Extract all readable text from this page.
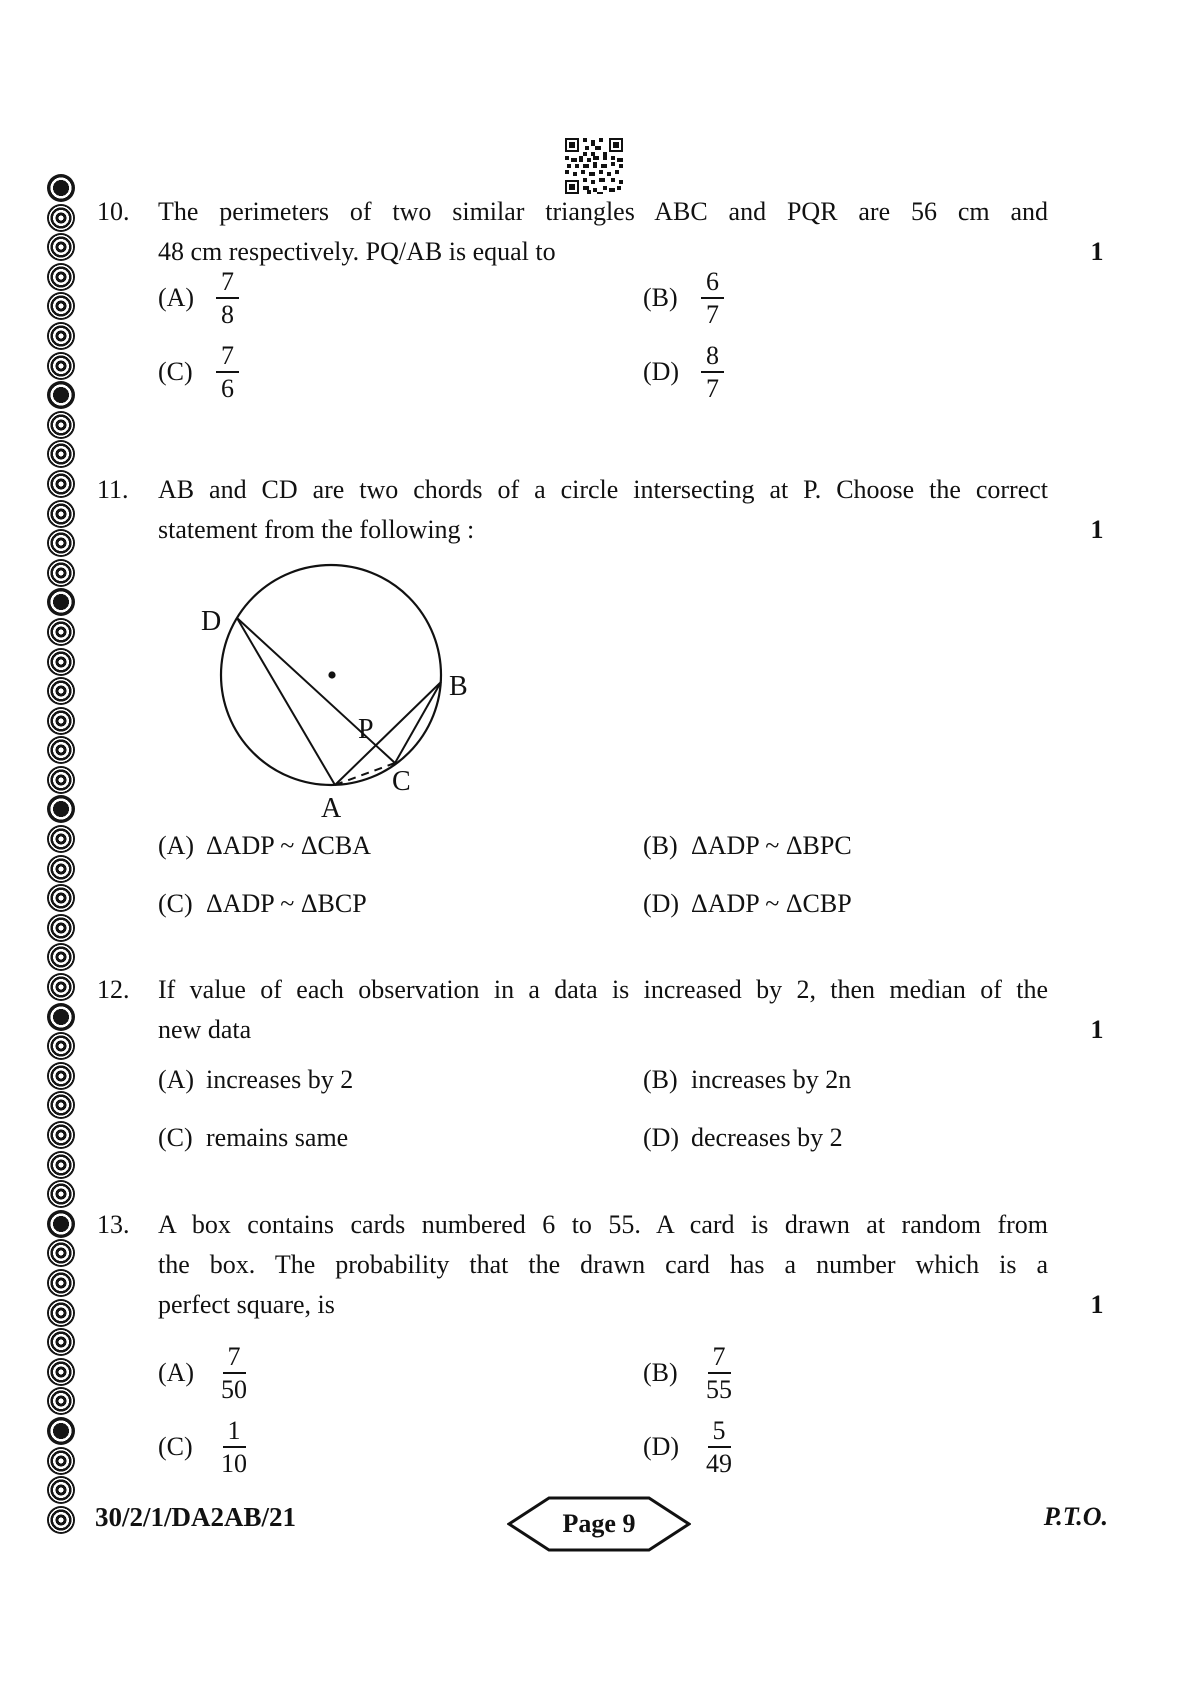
10. The perimeters of two similar triangles ABC and PQR are 56 cm and
48 cm respectively. PQ/AB is equal to	1
$(A) \frac{7}{8}$	$(B) \frac{6}{7}$
$(C) \frac{7}{6}$	$(D) \frac{8}{7}$
11. AB and CD are two chords of a circle intersecting at P. Choose the correct
statement from the following :	1
D
B
P
C
A
(A) ΔADP ~ ΔCBA	(B) ΔADP ~ ΔBPC
(C) ΔADP ~ ΔBCP	(D) ΔADP ~ ΔCBP
12. If value of each observation in a data is increased by 2, then median of the
new data	1
(A) increases by 2	(B) increases by 2n
(C) remains same	(D) decreases by 2
13. A box contains cards numbered 6 to 55. A card is drawn at random from
the box. The probability that the drawn card has a number which is a
perfect square, is	1
$(A) \frac{7}{50}$	$(B) \frac{7}{55}$
$(C) \frac{1}{10}$	$(D) \frac{5}{49}$
30/2/1/DA2AB/21	Page 9	P.T.O.
